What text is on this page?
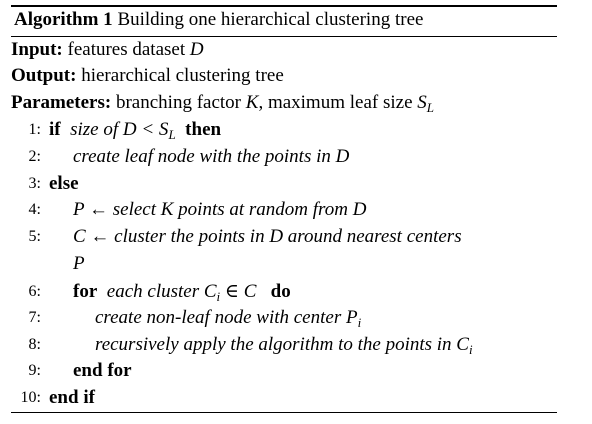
Algorithm 1 Building one hierarchical clustering tree
Input: features dataset D
Output: hierarchical clustering tree
Parameters: branching factor K, maximum leaf size $S_L$
1: if size of $D < S_L$ then
2: create leaf node with the points in D
3: else
4: P ← select K points at random from D
5: C ← cluster the points in D around nearest centers
P
6: for each cluster $C_i$ ∈ C do
7:	create non-leaf node with center $P_i$
8:	recursively apply the algorithm to the points in $C_i$
9: end for
10: end if
